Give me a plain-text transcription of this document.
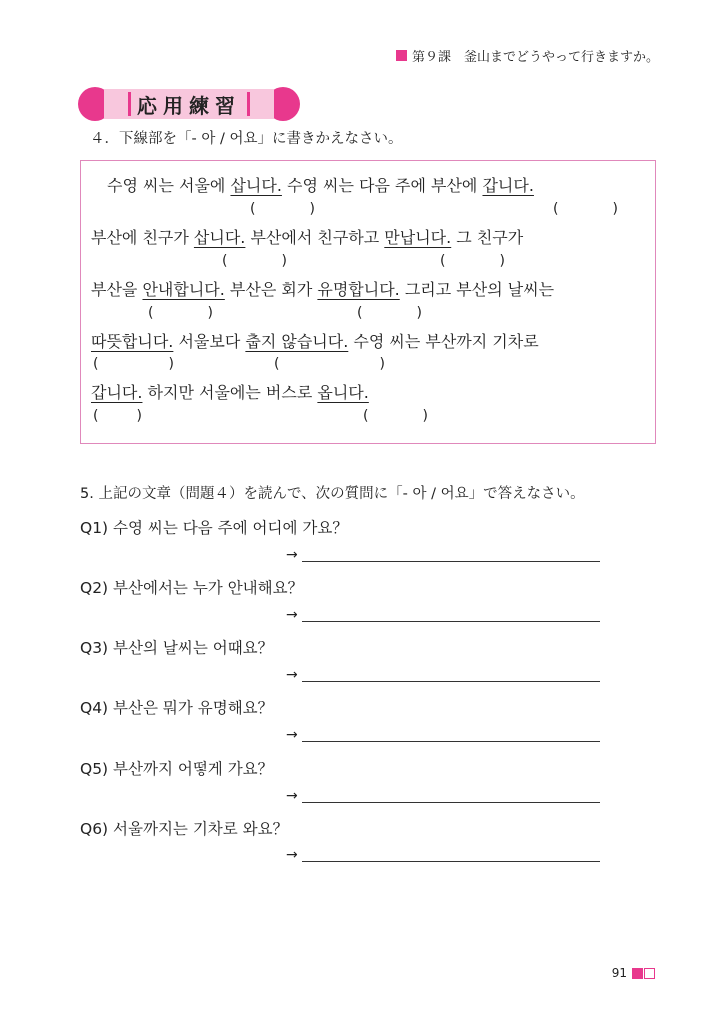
第９課　釜山までどうやって行きますか。
応用練習
４．下線部を「- 아 / 어요」に書きかえなさい。
수영 씨는 서울에 삽니다. 수영 씨는 다음 주에 부산에 갑니다.
(	)	(	)
부산에 친구가 삽니다. 부산에서 친구하고 만납니다. 그 친구가
(	)	(	)
부산을 안내합니다. 부산은 회가 유명합니다. 그리고 부산의 날씨는
(	)	(	)
따뜻합니다. 서울보다 춥지 않습니다. 수영 씨는 부산까지 기차로
(	)	(	)
갑니다. 하지만 서울에는 버스로 옵니다.
(	)	(	)
5. 上記の文章（問題４）を読んで、次の質問に「- 아 / 어요」で答えなさい。
Q1) 수영 씨는 다음 주에 어디에 가요？
→
Q2) 부산에서는 누가 안내해요？
→
Q3) 부산의 날씨는 어때요？
→
Q4) 부산은 뭐가 유명해요？
→
Q5) 부산까지 어떻게 가요？
→
Q6) 서울까지는 기차로 와요？
→
91
